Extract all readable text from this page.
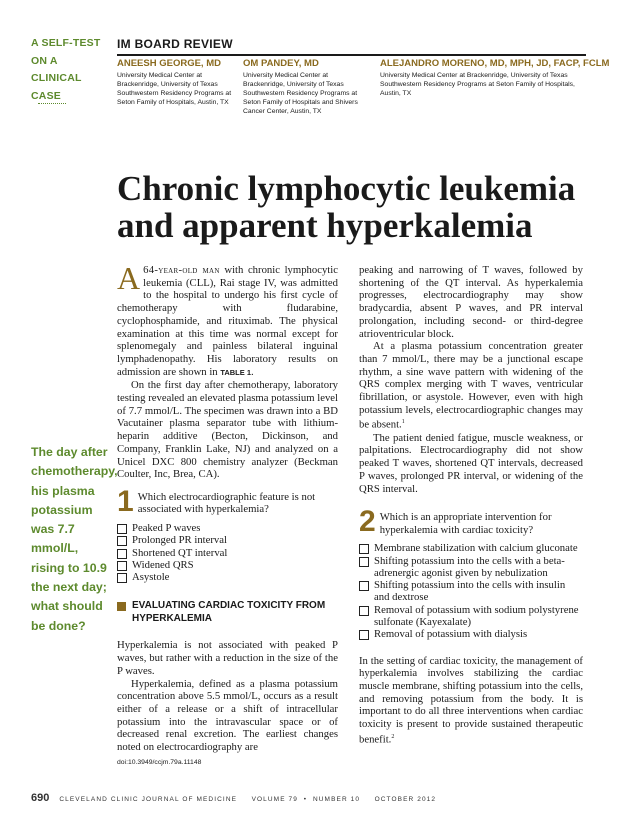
A SELF-TEST ON A CLINICAL CASE
IM BOARD REVIEW
ANEESH GEORGE, MD
University Medical Center at Brackenridge, University of Texas Southwestern Residency Programs at Seton Family of Hospitals, Austin, TX
OM PANDEY, MD
University Medical Center at Brackenridge, University of Texas Southwestern Residency Programs at Seton Family of Hospitals and Shivers Cancer Center, Austin, TX
ALEJANDRO MORENO, MD, MPH, JD, FACP, FCLM
University Medical Center at Brackenridge, University of Texas Southwestern Residency Programs at Seton Family of Hospitals, Austin, TX
Chronic lymphocytic leukemia
and apparent hyperkalemia
The day after chemotherapy, his plasma potassium was 7.7 mmol/L, rising to 10.9 the next day; what should be done?

A 64-year-old man with chronic lymphocytic leukemia (CLL), Rai stage IV, was admitted to the hospital to undergo his first cycle of chemotherapy with fludarabine, cyclophosphamide, and rituximab. The physical examination at this time was normal except for splenomegaly and painless bilateral inguinal lymphadenopathy. His laboratory results on admission are shown in TABLE 1.

On the first day after chemotherapy, laboratory testing revealed an elevated plasma potassium level of 7.7 mmol/L. The specimen was drawn into a BD Vacutainer plasma separator tube with lithium-heparin additive (Becton, Dickinson, and Company, Franklin Lake, NJ) and analyzed on a Unicel DXC 800 chemistry analyzer (Beckman Coulter, Inc, Brea, CA).

1 Which electrocardiographic feature is not associated with hyperkalemia?
Peaked P waves
Prolonged PR interval
Shortened QT interval
Widened QRS
Asystole
EVALUATING CARDIAC TOXICITY FROM HYPERKALEMIA

Hyperkalemia is not associated with peaked P waves, but rather with a reduction in the size of the P waves.

Hyperkalemia, defined as a plasma potassium concentration above 5.5 mmol/L, occurs as a result either of a release or a shift of intracellular potassium into the intravascular space or of decreased renal excretion. The earliest changes noted on electrocardiography are

doi:10.3949/ccjm.79a.11148

peaking and narrowing of T waves, followed by shortening of the QT interval. As hyperkalemia progresses, electrocardiography may show bradycardia, absent P waves, and PR interval prolongation, including second- or third-degree atrioventricular block.

At a plasma potassium concentration greater than 7 mmol/L, there may be a junctional escape rhythm, a sine wave pattern with widening of the QRS complex merging with T waves, ventricular fibrillation, or asystole. However, even with high potassium levels, electrocardiographic changes may be absent.$^1$

The patient denied fatigue, muscle weakness, or palpitations. Electrocardiography did not show peaked T waves, shortened QT intervals, decreased P waves, prolonged PR interval, or widening of the QRS interval.

2 Which is an appropriate intervention for hyperkalemia with cardiac toxicity?
Membrane stabilization with calcium gluconate
Shifting potassium into the cells with a beta-adrenergic agonist given by nebulization
Shifting potassium into the cells with insulin and dextrose
Removal of potassium with sodium polystyrene sulfonate (Kayexalate)
Removal of potassium with dialysis

In the setting of cardiac toxicity, the management of hyperkalemia involves stabilizing the cardiac muscle membrane, shifting potassium into the cells, and removing potassium from the body. It is important to do all three interventions when cardiac toxicity is present to provide sustained therapeutic benefit.$^2$

690 CLEVELAND CLINIC JOURNAL OF MEDICINE     VOLUME 79  •  NUMBER 10     OCTOBER 2012
